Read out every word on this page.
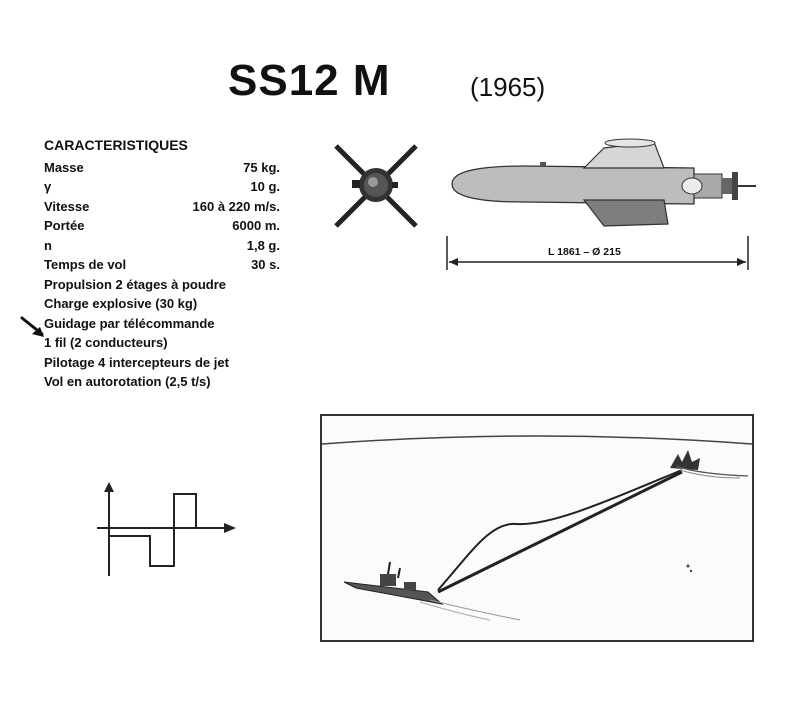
SS12 M	(1965)
CARACTERISTIQUES
Masse	75 kg.
γ	10 g.
Vitesse	160 à 220 m/s.
Portée	6000 m.
n	1,8 g.
Temps de vol	30 s.
Propulsion 2 étages à poudre
Charge explosive (30 kg)
Guidage par télécommande
1 fil (2 conducteurs)
Pilotage 4 intercepteurs de jet
Vol en autorotation (2,5 t/s)
L 1861 – Ø 215
